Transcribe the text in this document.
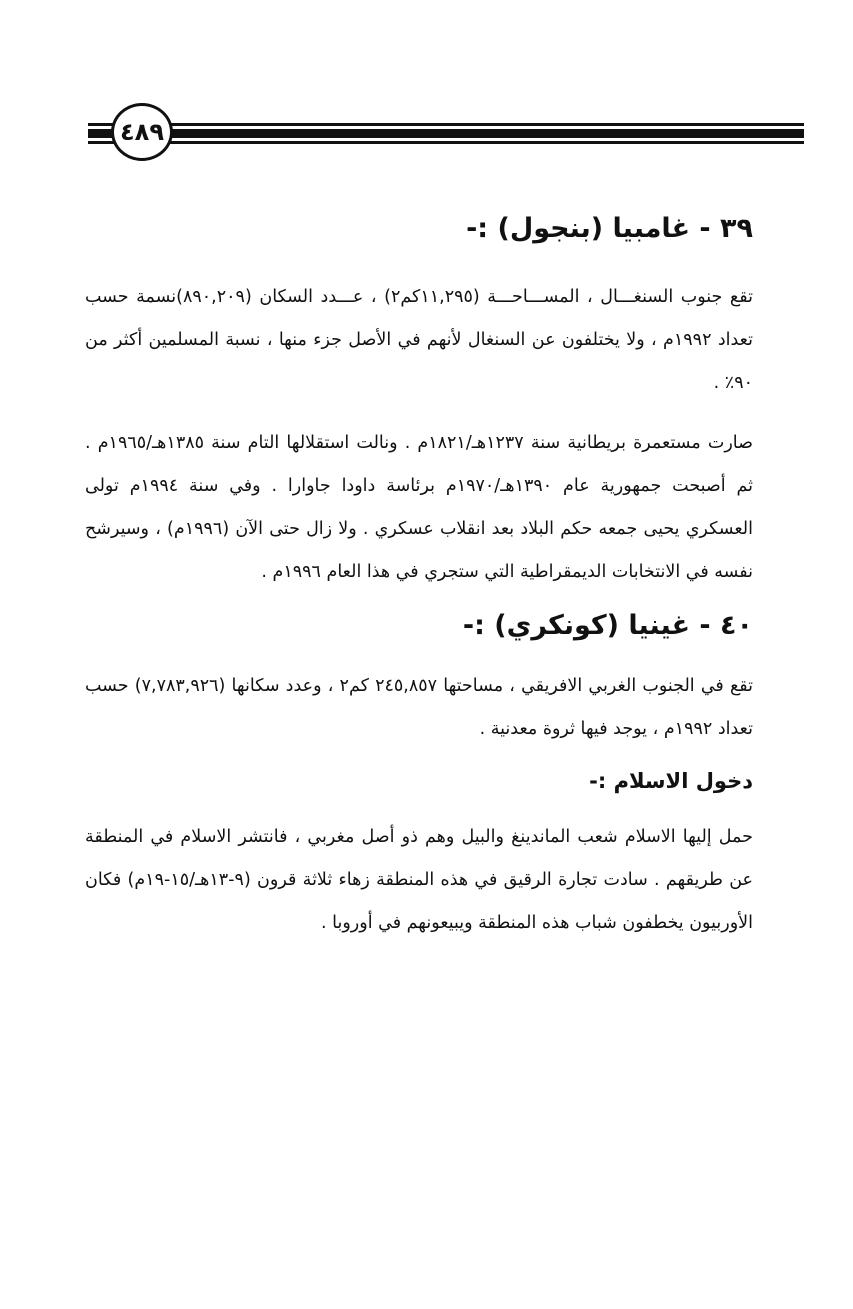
٤٨٩
٣٩ - غامبيا (بنجول) :-

تقع جنوب السنغـــال ، المســـاحـــة (١١,٢٩٥كم٢) ، عـــدد السكان (٨٩٠,٢٠٩)نسمة حسب تعداد ١٩٩٢م ، ولا يختلفون عن السنغال لأنهم في الأصل جزء منها ، نسبة المسلمين أكثر من ٩٠٪ .

صارت مستعمرة بريطانية سنة ١٢٣٧هـ/١٨٢١م . ونالت استقلالها التام سنة ١٣٨٥هـ/١٩٦٥م . ثم أصبحت جمهورية عام ١٣٩٠هـ/١٩٧٠م برئاسة داودا جاوارا . وفي سنة ١٩٩٤م تولى العسكري يحيى جمعه حكم البلاد بعد انقلاب عسكري . ولا زال حتى الآن (١٩٩٦م) ، وسيرشح نفسه في الانتخابات الديمقراطية التي ستجري في هذا العام ١٩٩٦م .

٤٠ - غينيا (كونكري) :-

تقع في الجنوب الغربي الافريقي ، مساحتها ٢٤٥,٨٥٧ كم٢ ، وعدد سكانها (٧,٧٨٣,٩٢٦) حسب تعداد ١٩٩٢م ، يوجد فيها ثروة معدنية .

دخول الاسلام :-

حمل إليها الاسلام شعب الماندينغ والبيل وهم ذو أصل مغربي ، فانتشر الاسلام في المنطقة عن طريقهم . سادت تجارة الرقيق في هذه المنطقة زهاء ثلاثة قرون (٩-١٣هـ/١٥-١٩م) فكان الأوربيون يخطفون شباب هذه المنطقة ويبيعونهم في أوروبا .
